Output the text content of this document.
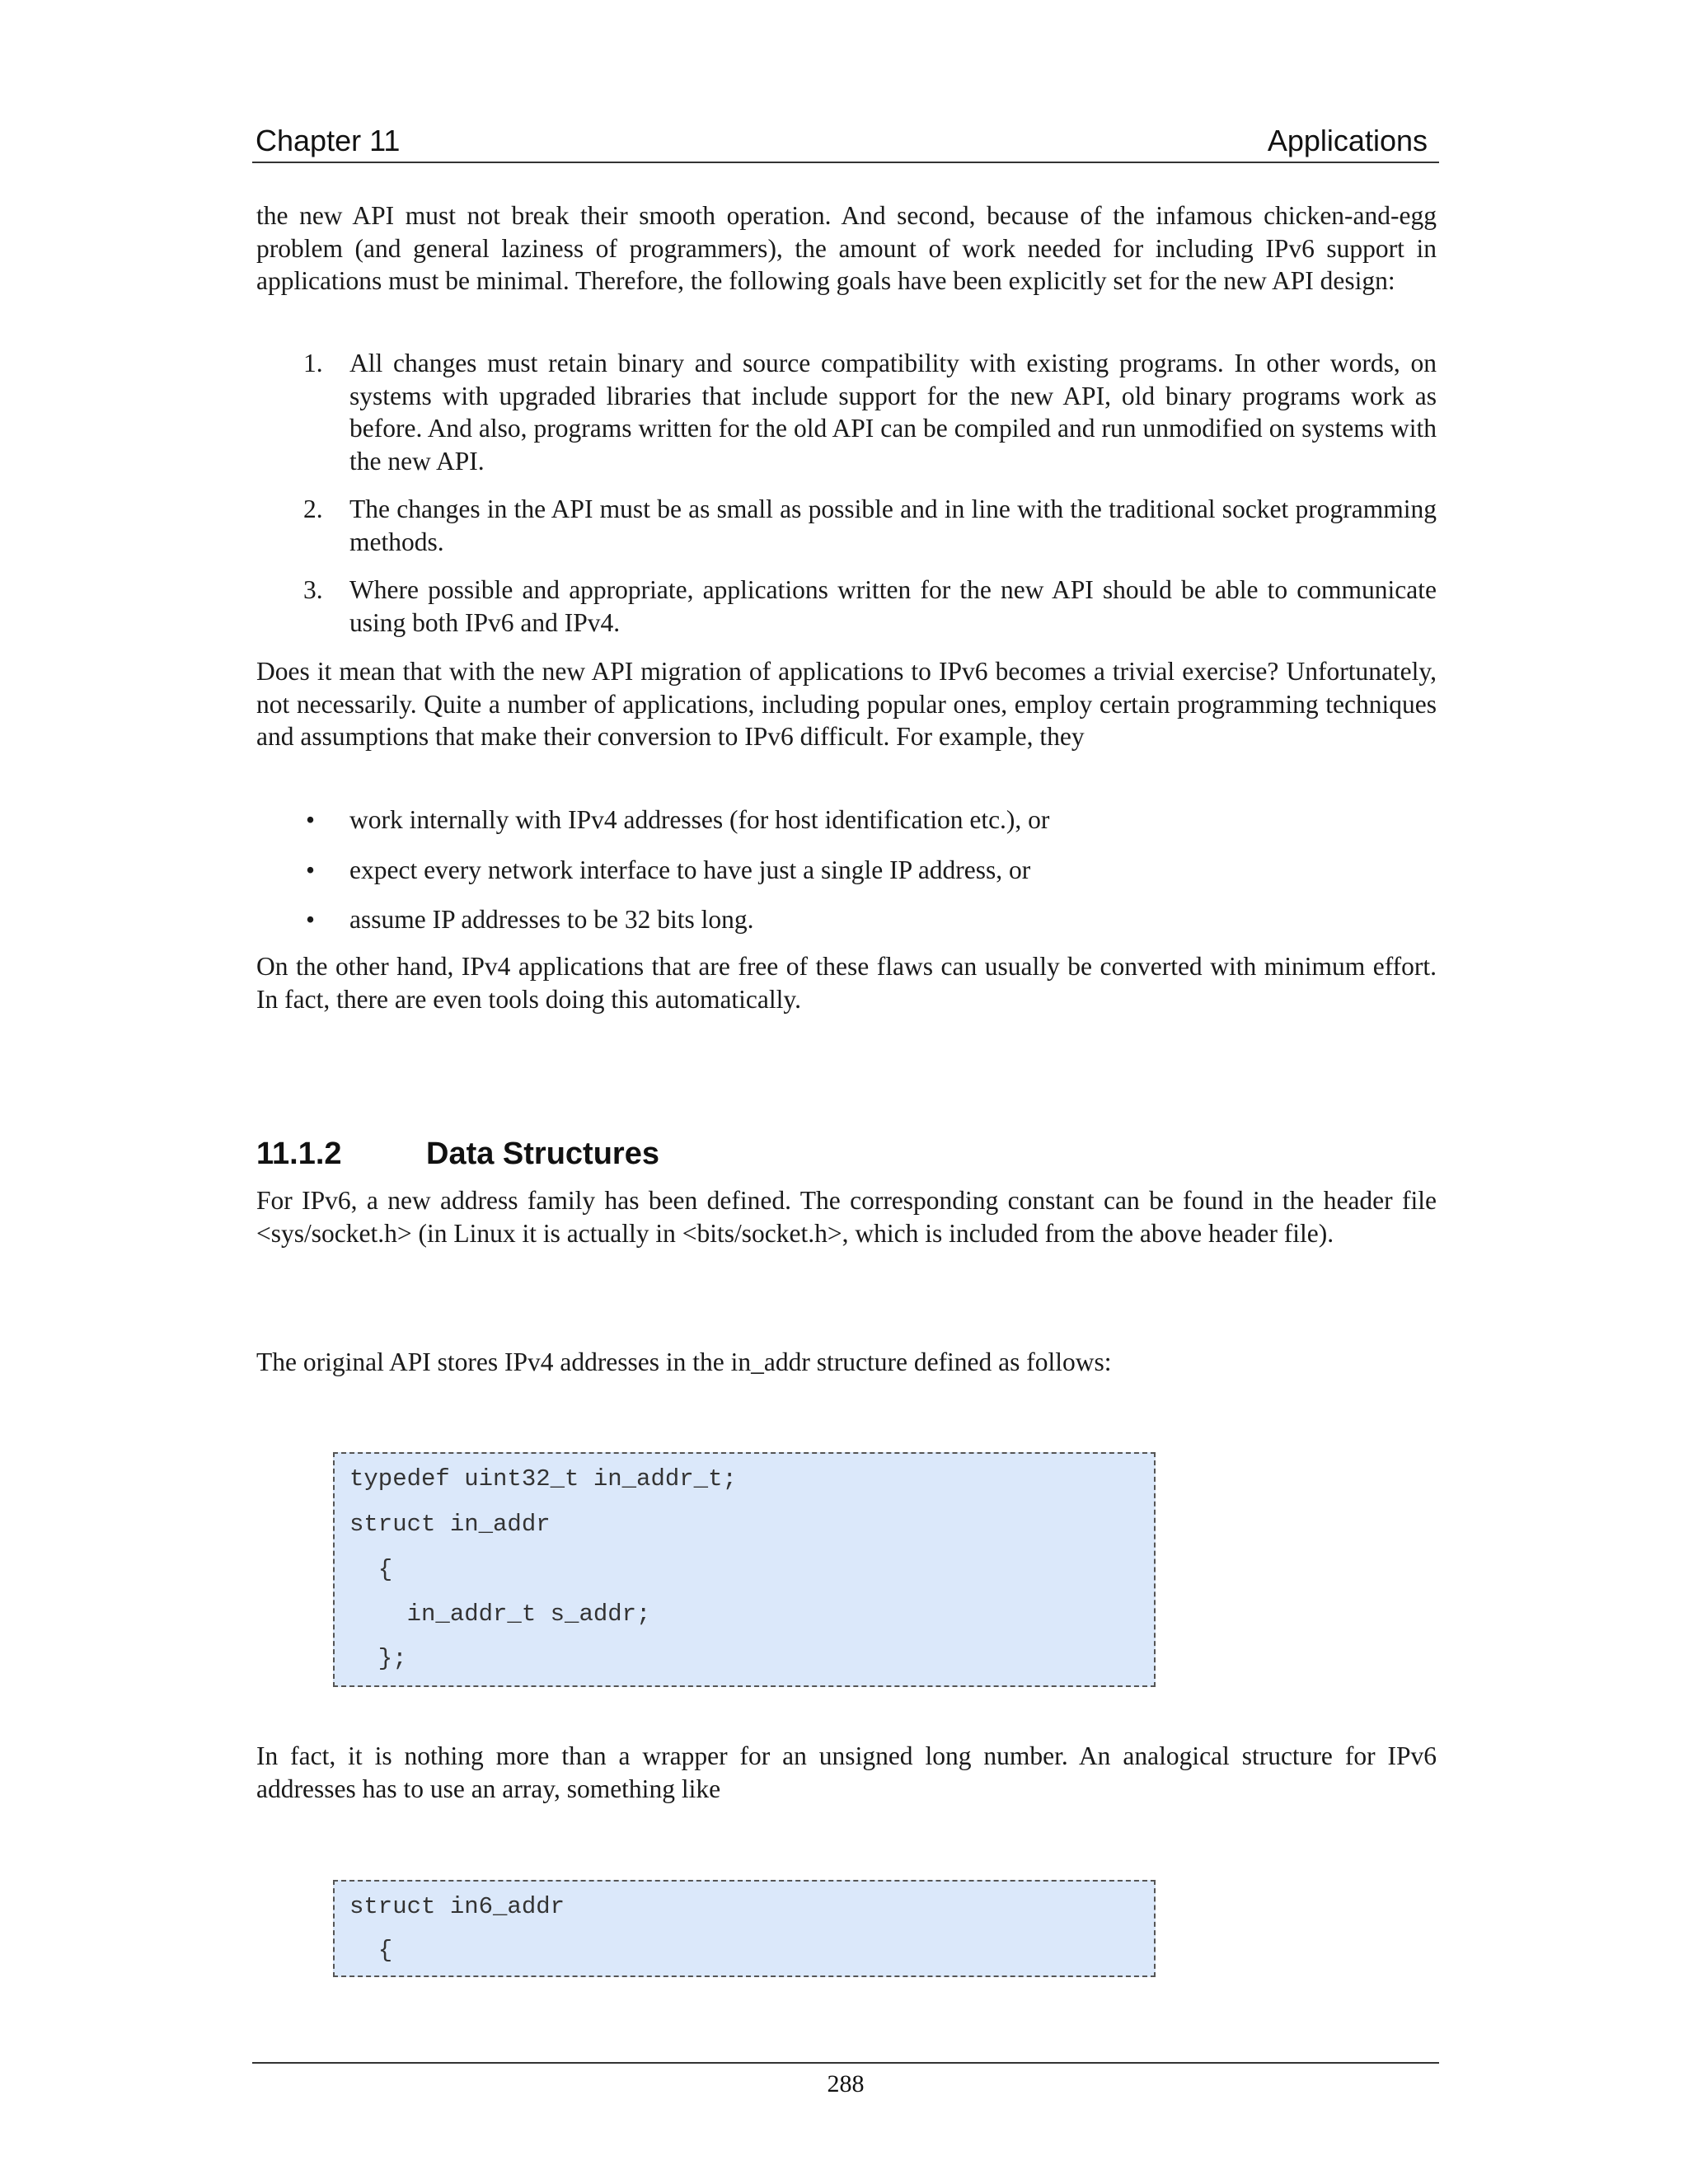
Chapter 11	Applications

the new API must not break their smooth operation. And second, because of the infamous chicken-and-egg problem (and general laziness of programmers), the amount of work needed for including IPv6 support in applications must be minimal. Therefore, the following goals have been explicitly set for the new API design:

1.	All changes must retain binary and source compatibility with existing programs. In other words, on systems with upgraded libraries that include support for the new API, old binary programs work as before. And also, programs written for the old API can be compiled and run unmodified on systems with the new API.
2.	The changes in the API must be as small as possible and in line with the traditional socket programming methods.
3.	Where possible and appropriate, applications written for the new API should be able to communicate using both IPv6 and IPv4.

Does it mean that with the new API migration of applications to IPv6 becomes a trivial exercise? Unfortunately, not necessarily. Quite a number of applications, including popular ones, employ certain programming techniques and assumptions that make their conversion to IPv6 difficult. For example, they

• work internally with IPv4 addresses (for host identification etc.), or
• expect every network interface to have just a single IP address, or
• assume IP addresses to be 32 bits long.

On the other hand, IPv4 applications that are free of these flaws can usually be converted with minimum effort. In fact, there are even tools doing this automatically.

11.1.2	Data Structures

For IPv6, a new address family has been defined. The corresponding constant can be found in the header file <sys/socket.h> (in Linux it is actually in <bits/socket.h>, which is included from the above header file).

The original API stores IPv4 addresses in the in_addr structure defined as follows:

typedef uint32_t in_addr_t;
struct in_addr
{
in_addr_t s_addr;
};

In fact, it is nothing more than a wrapper for an unsigned long number. An analogical structure for IPv6 addresses has to use an array, something like

struct in6_addr
{
288
